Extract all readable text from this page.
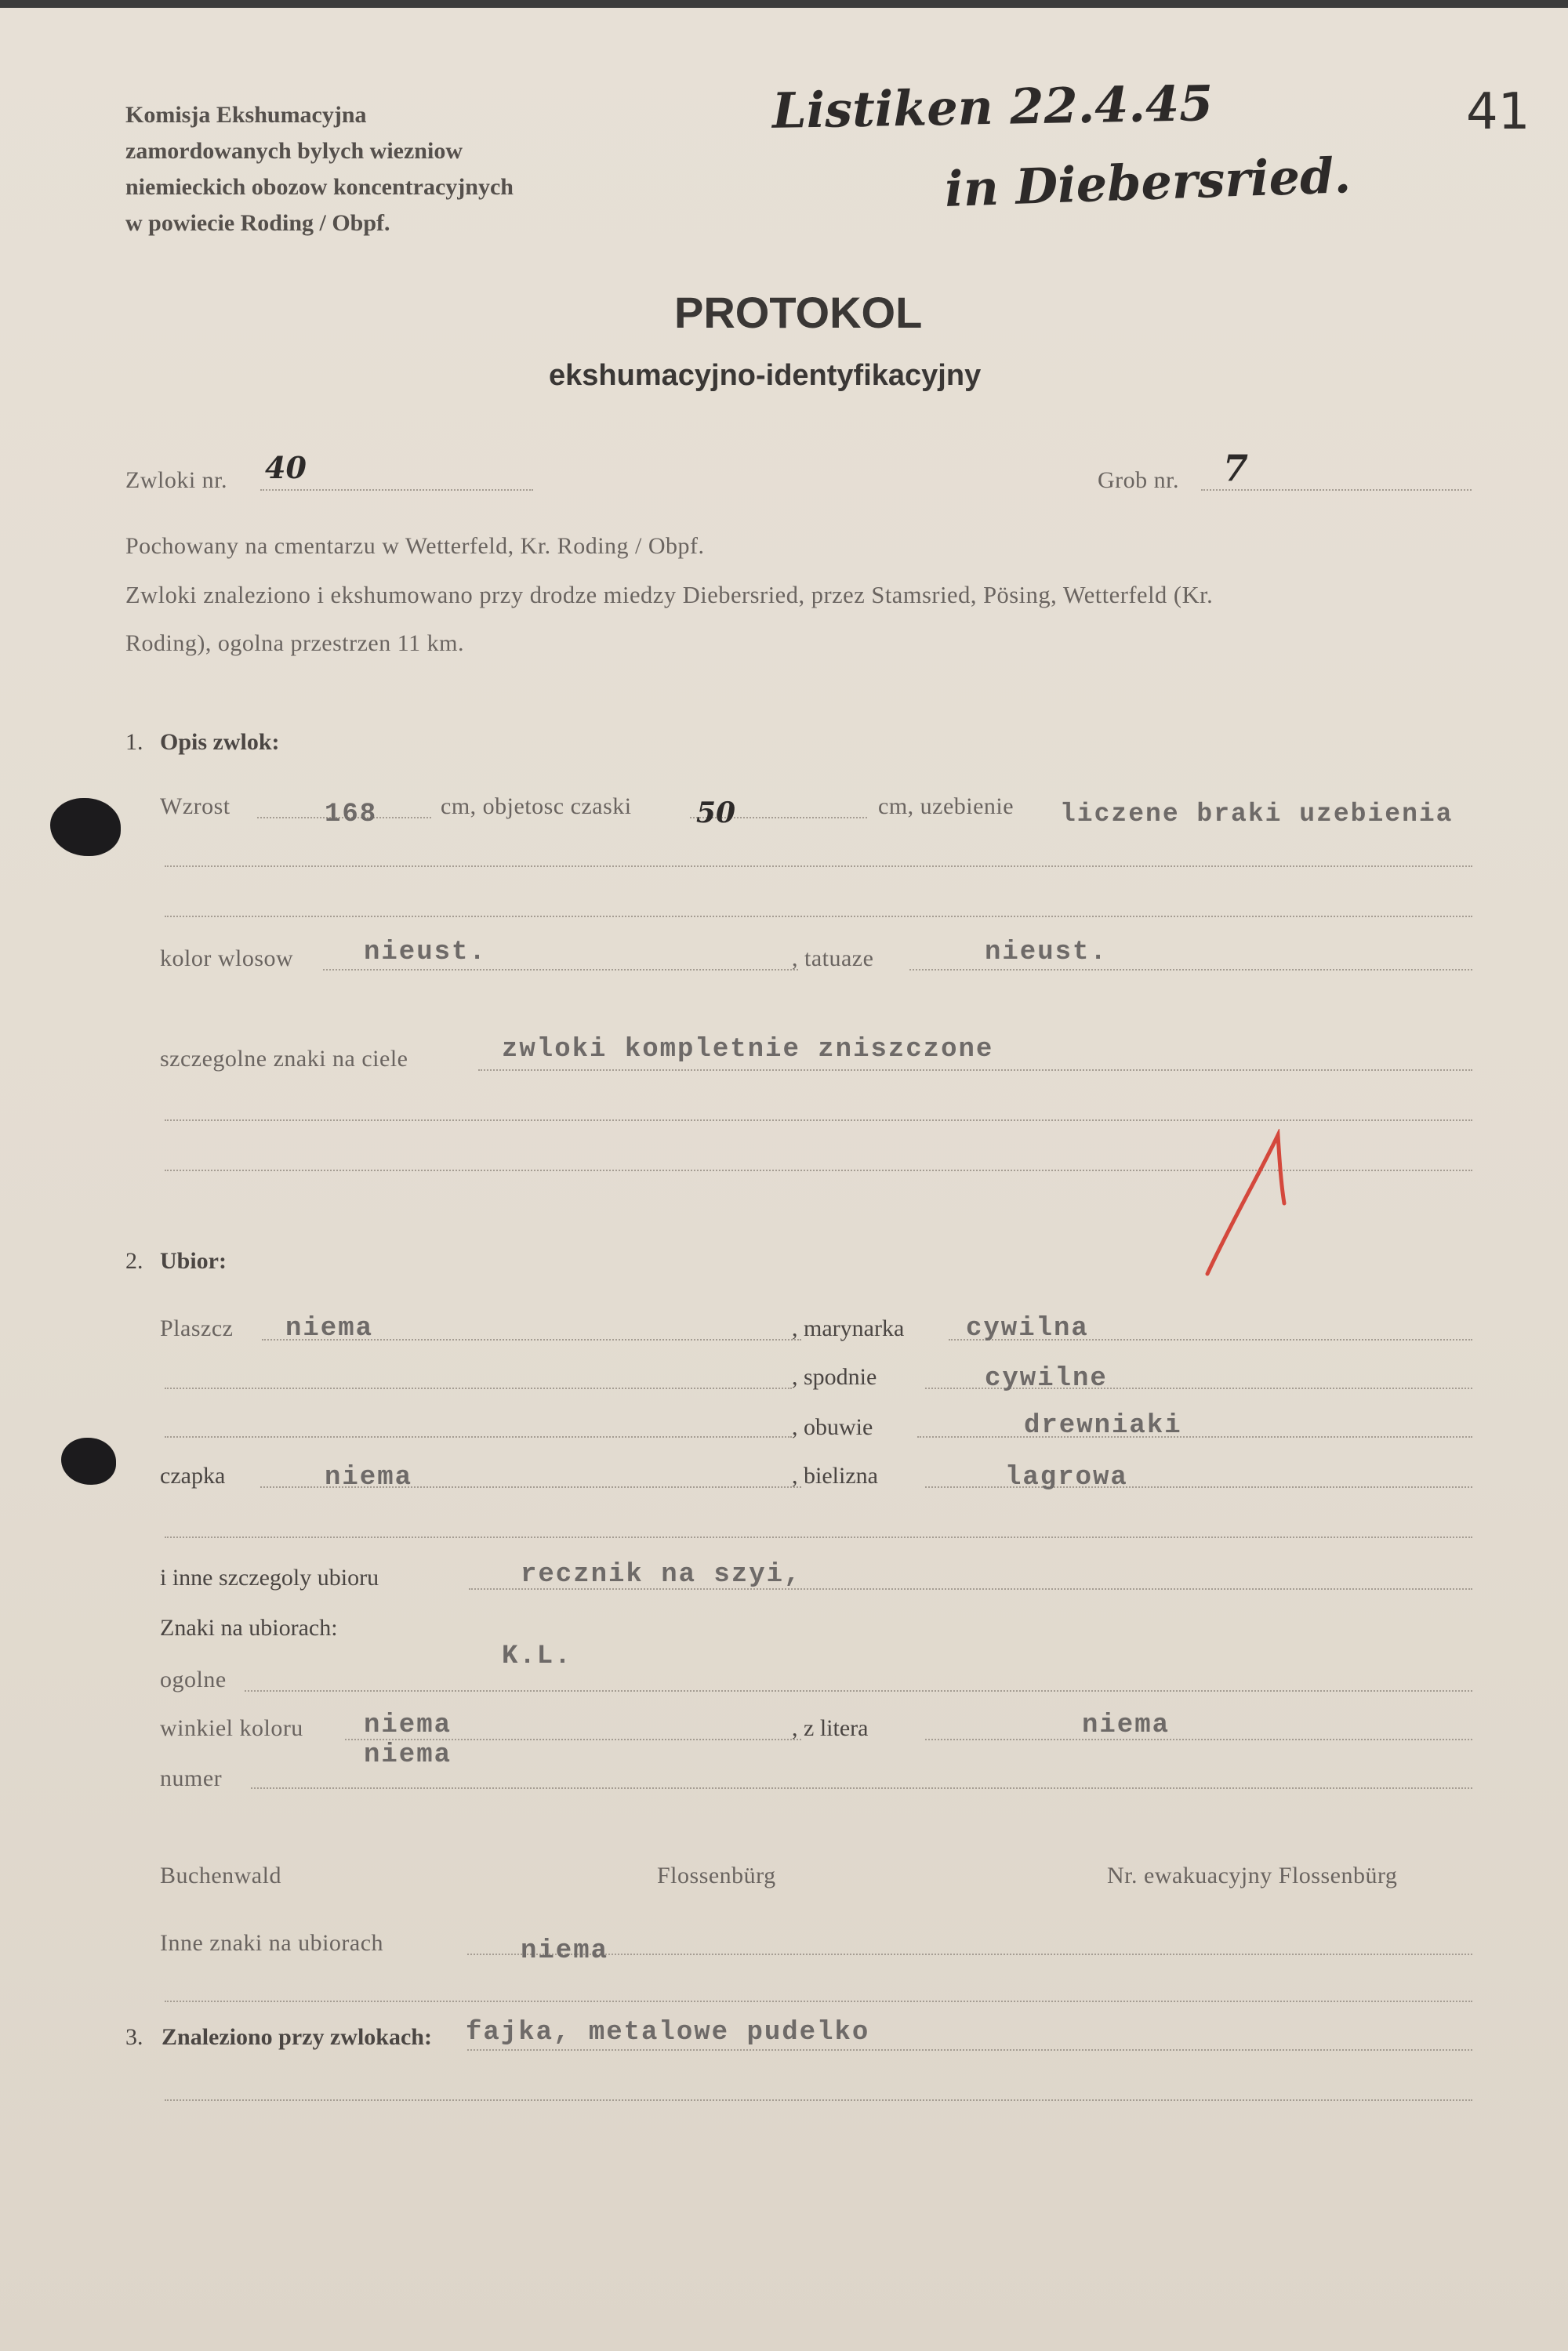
Komisja Ekshumacyjna
zamordowanych bylych wiezniow
niemieckich obozow koncentracyjnych
w powiecie Roding / Obpf.
Listiken 22.4.45
in Diebersried.
41
PROTOKOL
ekshumacyjno-identyfikacyjny
Zwloki nr. 40	Grob nr. 7
Pochowany na cmentarzu w Wetterfeld, Kr. Roding / Obpf.
Zwloki znaleziono i ekshumowano przy drodze miedzy Diebersried, przez Stamsried, Pösing, Wetterfeld (Kr.
Roding), ogolna przestrzen 11 km.
1. Opis zwlok:
Wzrost	168	cm, objetosc czaski 50	cm, uzebienie liczene braki uzebienia
kolor wlosow	nieust.	, tatuaze	nieust.
szczegolne znaki na ciele	zwloki kompletnie zniszczone
2. Ubior:
Plaszcz niema	, marynarka cywilna
, spodnie	cywilne
, obuwie	drewniaki
czapka	niema	, bielizna	lagrowa
i inne szczegoly ubioru	recznik na szyi,
Znaki na ubiorach:
ogolne
K.L.
winkiel koloru niema	, z litera	niema
numer
niema
Buchenwald	Flossenbürg	Nr. ewakuacyjny Flossenbürg
Inne znaki na ubiorach	niema
3. Znaleziono przy zwlokach: fajka, metalowe pudelko
